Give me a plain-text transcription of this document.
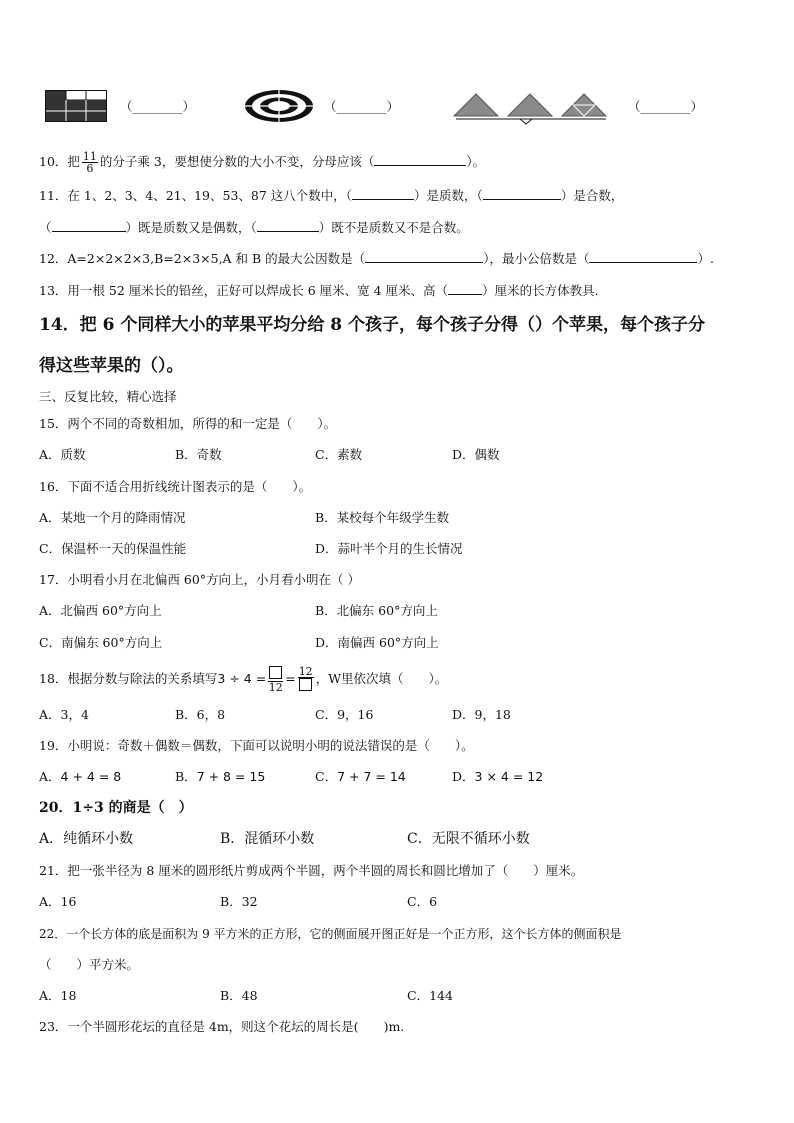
（________）	（________）	（________）
10．把 $\frac{11}{6}$ 的分子乘 3，要想使分数的大小不变，分母应该（	）。
11．在 1、2、3、4、21、19、53、87 这八个数中，（	）是质数，（	）是合数，
（	）既是质数又是偶数，（	）既不是质数又不是合数。
12．A=2×2×2×3,B=2×3×5,A 和 B 的最大公因数是（	），最小公倍数是（	）.
13．用一根 52 厘米长的铅丝，正好可以焊成长 6 厘米、宽 4 厘米、高（	）厘米的长方体教具.
14．把 6 个同样大小的苹果平均分给 8 个孩子，每个孩子分得（）个苹果，每个孩子分
得这些苹果的（）。
三、反复比较，精心选择
15．两个不同的奇数相加，所得的和一定是（　　）。
A．质数	B．奇数	C．素数	D．偶数
16．下面不适合用折线统计图表示的是（　　）。
A．某地一个月的降雨情况	B．某校每个年级学生数
C．保温杯一天的保温性能	D．蒜叶半个月的生长情况
17．小明看小月在北偏西 60°方向上，小月看小明在（ ）
A．北偏西 60°方向上	B．北偏东 60°方向上
C．南偏东 60°方向上	D．南偏西 60°方向上
18．根据分数与除法的关系填写3 ÷ 4 =
12
= 12 ，W里依次填（　　）。
A．3，4	B．6，8	C．9，16	D．9，18
19．小明说：奇数＋偶数＝偶数，下面可以说明小明的说法错误的是（　　）。
A．4 + 4 = 8	B．7 + 8 = 15	C．7 + 7 = 14	D．3 × 4 = 12
20．1÷3 的商是（　）
A．纯循环小数	B．混循环小数	C．无限不循环小数
21．把一张半径为 8 厘米的圆形纸片剪成两个半圆，两个半圆的周长和圆比增加了（　　）厘米。
A．16	B．32	C．6
22．一个长方体的底是面积为 9 平方米的正方形，它的侧面展开图正好是一个正方形，这个长方体的侧面积是
（　　）平方米。
A．18	B．48	C．144
23．一个半圆形花坛的直径是 4m，则这个花坛的周长是(　　)m.
